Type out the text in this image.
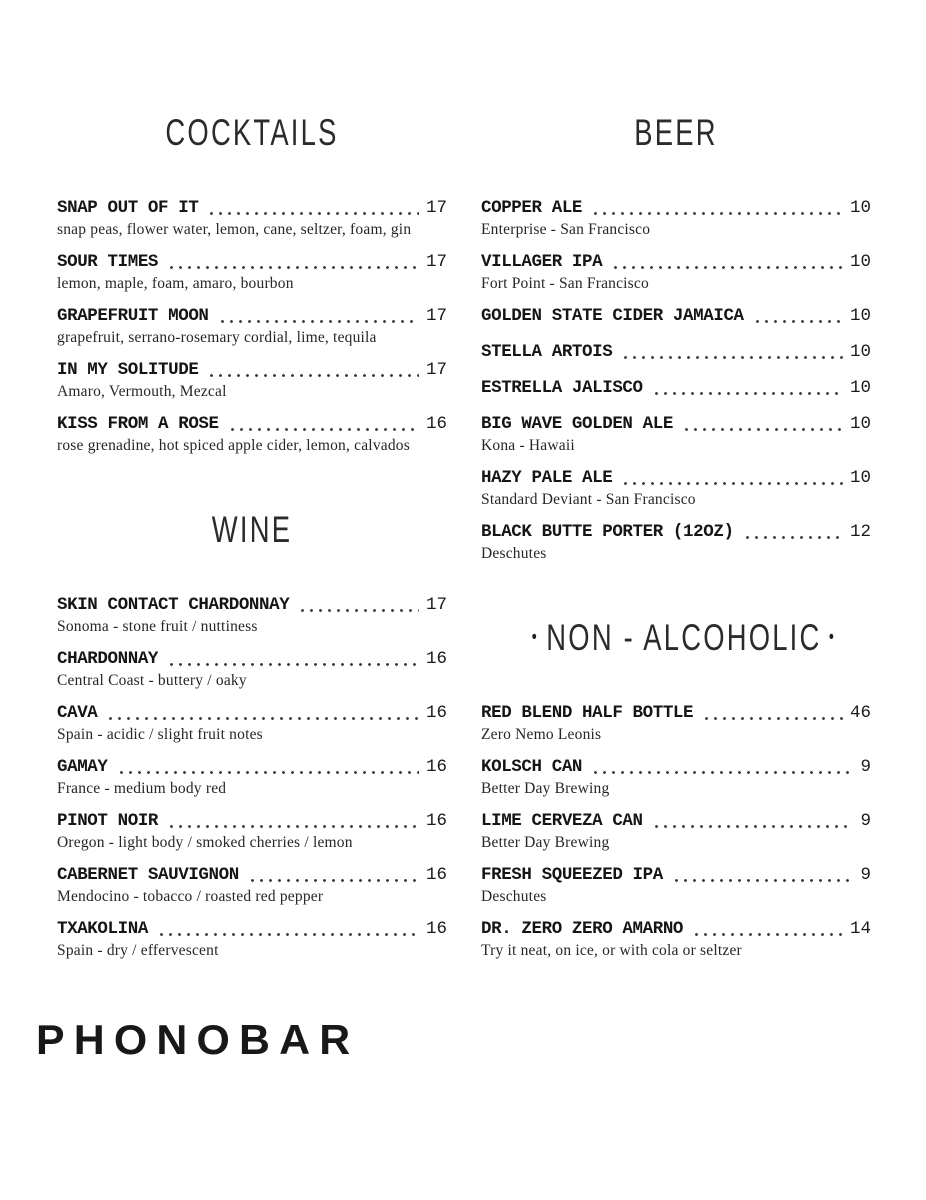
COCKTAILS
SNAP OUT OF IT	17
snap peas, flower water, lemon, cane, seltzer, foam, gin
SOUR TIMES	17
lemon, maple, foam, amaro, bourbon
GRAPEFRUIT MOON	17
grapefruit, serrano-rosemary cordial, lime, tequila
IN MY SOLITUDE	17
Amaro, Vermouth, Mezcal
KISS FROM A ROSE	16
rose grenadine, hot spiced apple cider, lemon, calvados
WINE
SKIN CONTACT CHARDONNAY	17
Sonoma - stone fruit / nuttiness
CHARDONNAY	16
Central Coast - buttery / oaky
CAVA	16
Spain - acidic / slight fruit notes
GAMAY	16
France - medium body red
PINOT NOIR	16
Oregon - light body / smoked cherries / lemon
CABERNET SAUVIGNON	16
Mendocino - tobacco / roasted red pepper
TXAKOLINA	16
Spain - dry / effervescent
BEER
COPPER ALE	10
Enterprise - San Francisco
VILLAGER IPA	10
Fort Point - San Francisco
GOLDEN STATE CIDER JAMAICA	10
STELLA ARTOIS	10
ESTRELLA JALISCO	10
BIG WAVE GOLDEN ALE	10
Kona - Hawaii
HAZY PALE ALE	10
Standard Deviant - San Francisco
BLACK BUTTE PORTER (12OZ)	12
Deschutes
• NON - ALCOHOLIC •
RED BLEND HALF BOTTLE	46
Zero Nemo Leonis
KOLSCH CAN	9
Better Day Brewing
LIME CERVEZA CAN	9
Better Day Brewing
FRESH SQUEEZED IPA	9
Deschutes
DR. ZERO ZERO AMARNO	14
Try it neat, on ice, or with cola or seltzer
PHONOBAR
